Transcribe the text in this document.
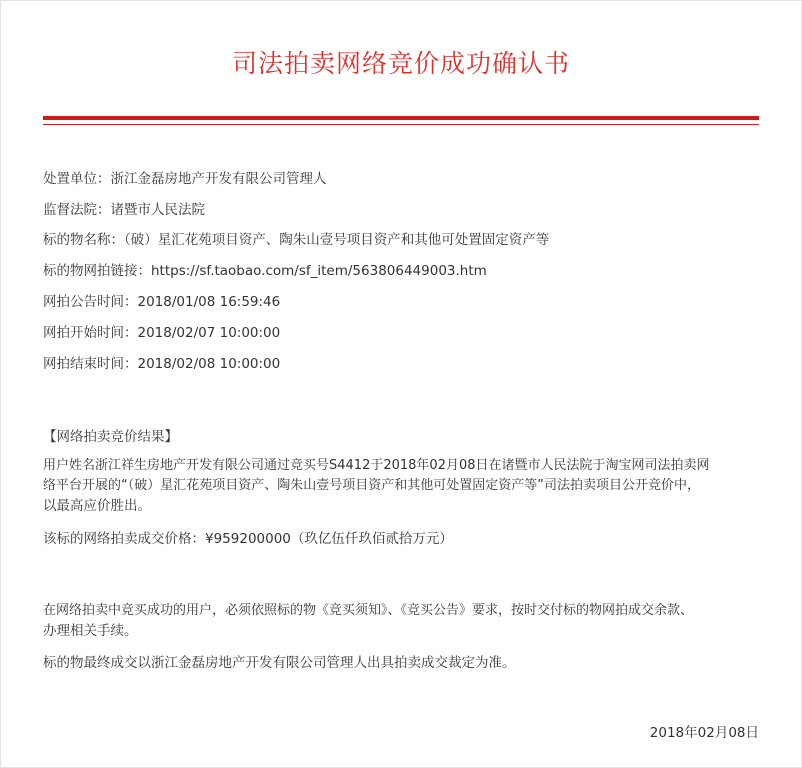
司法拍卖网络竞价成功确认书
处置单位：浙江金磊房地产开发有限公司管理人
监督法院：诸暨市人民法院
标的物名称：（破）星汇花苑项目资产、陶朱山壹号项目资产和其他可处置固定资产等
标的物网拍链接：https://sf.taobao.com/sf_item/563806449003.htm
网拍公告时间：2018/01/08 16:59:46
网拍开始时间：2018/02/07 10:00:00
网拍结束时间：2018/02/08 10:00:00
【网络拍卖竞价结果】
用户姓名浙江祥生房地产开发有限公司通过竞买号S4412于2018年02月08日在诸暨市人民法院于淘宝网司法拍卖网
络平台开展的“（破）星汇花苑项目资产、陶朱山壹号项目资产和其他可处置固定资产等”司法拍卖项目公开竞价中，
以最高应价胜出。
该标的网络拍卖成交价格：¥959200000（玖亿伍仟玖佰贰拾万元）
在网络拍卖中竞买成功的用户，必须依照标的物《竞买须知》、《竞买公告》要求，按时交付标的物网拍成交余款、
办理相关手续。
标的物最终成交以浙江金磊房地产开发有限公司管理人出具拍卖成交裁定为准。
2018年02月08日
